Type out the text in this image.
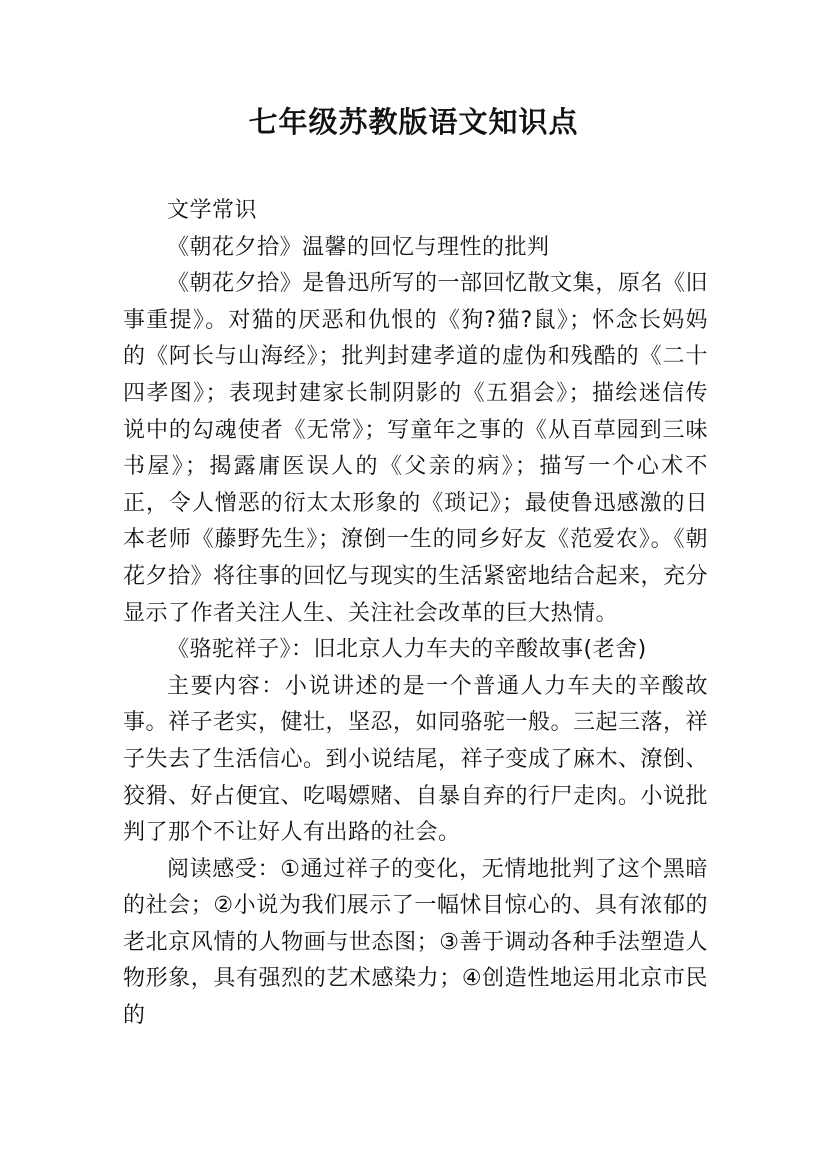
七年级苏教版语文知识点

文学常识

《朝花夕拾》温馨的回忆与理性的批判

《朝花夕拾》是鲁迅所写的一部回忆散文集，原名《旧事重提》。对猫的厌恶和仇恨的《狗?猫?鼠》；怀念长妈妈的《阿长与山海经》；批判封建孝道的虚伪和残酷的《二十四孝图》；表现封建家长制阴影的《五猖会》；描绘迷信传说中的勾魂使者《无常》；写童年之事的《从百草园到三味书屋》；揭露庸医误人的《父亲的病》；描写一个心术不正，令人憎恶的衍太太形象的《琐记》；最使鲁迅感激的日本老师《藤野先生》；潦倒一生的同乡好友《范爱农》。《朝花夕拾》将往事的回忆与现实的生活紧密地结合起来，充分显示了作者关注人生、关注社会改革的巨大热情。

《骆驼祥子》：旧北京人力车夫的辛酸故事(老舍)

主要内容：小说讲述的是一个普通人力车夫的辛酸故事。祥子老实，健壮，坚忍，如同骆驼一般。三起三落，祥子失去了生活信心。到小说结尾，祥子变成了麻木、潦倒、狡猾、好占便宜、吃喝嫖赌、自暴自弃的行尸走肉。小说批判了那个不让好人有出路的社会。

阅读感受：①通过祥子的变化，无情地批判了这个黑暗的社会；②小说为我们展示了一幅怵目惊心的、具有浓郁的老北京风情的人物画与世态图；③善于调动各种手法塑造人物形象，具有强烈的艺术感染力；④创造性地运用北京市民的
